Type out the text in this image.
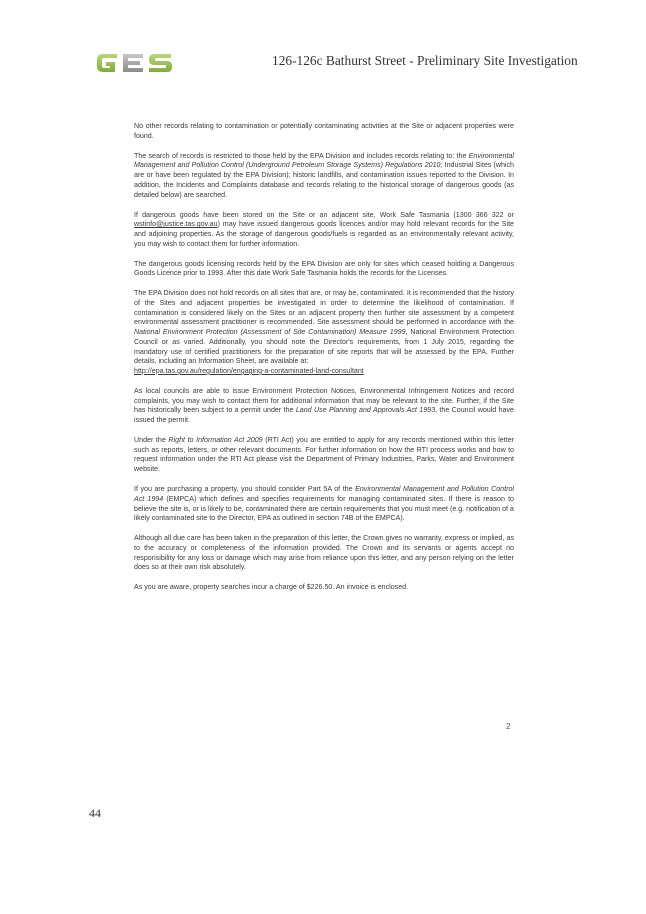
126-126c Bathurst Street - Preliminary Site Investigation

No other records relating to contamination or potentially contaminating activities at the Site or adjacent properties were found.

The search of records is restricted to those held by the EPA Division and includes records relating to: the Environmental Management and Pollution Control (Underground Petroleum Storage Systems) Regulations 2010; Industrial Sites (which are or have been regulated by the EPA Division); historic landfills, and contamination issues reported to the Division. In addition, the Incidents and Complaints database and records relating to the historical storage of dangerous goods (as detailed below) are searched.

If dangerous goods have been stored on the Site or an adjacent site, Work Safe Tasmania (1300 366 322 or wstinfo@justice.tas.gov.au) may have issued dangerous goods licences and/or may hold relevant records for the Site and adjoining properties. As the storage of dangerous goods/fuels is regarded as an environmentally relevant activity, you may wish to contact them for further information.

The dangerous goods licensing records held by the EPA Division are only for sites which ceased holding a Dangerous Goods Licence prior to 1993. After this date Work Safe Tasmania holds the records for the Licenses.

The EPA Division does not hold records on all sites that are, or may be, contaminated. It is recommended that the history of the Sites and adjacent properties be investigated in order to determine the likelihood of contamination. If contamination is considered likely on the Sites or an adjacent property then further site assessment by a competent environmental assessment practitioner is recommended. Site assessment should be performed in accordance with the National Environment Protection (Assessment of Site Contamination) Measure 1999, National Environment Protection Council or as varied. Additionally, you should note the Director's requirements, from 1 July 2015, regarding the mandatory use of certified practitioners for the preparation of site reports that will be assessed by the EPA. Further details, including an Information Sheet, are available at:
http://epa.tas.gov.au/regulation/engaging-a-contaminated-land-consultant

As local councils are able to issue Environment Protection Notices, Environmental Infringement Notices and record complaints, you may wish to contact them for additional information that may be relevant to the site. Further, if the Site has historically been subject to a permit under the Land Use Planning and Approvals Act 1993, the Council would have issued the permit.

Under the Right to Information Act 2009 (RTI Act) you are entitled to apply for any records mentioned within this letter such as reports, letters, or other relevant documents. For further information on how the RTI process works and how to request information under the RTI Act please visit the Department of Primary Industries, Parks, Water and Environment website.

If you are purchasing a property, you should consider Part 5A of the Environmental Management and Pollution Control Act 1994 (EMPCA) which defines and specifies requirements for managing contaminated sites. If there is reason to believe the site is, or is likely to be, contaminated there are certain requirements that you must meet (e.g. notification of a likely contaminated site to the Director, EPA as outlined in section 74B of the EMPCA).

Although all due care has been taken in the preparation of this letter, the Crown gives no warranty, express or implied, as to the accuracy or completeness of the information provided. The Crown and its servants or agents accept no responsibility for any loss or damage which may arise from reliance upon this letter, and any person relying on the letter does so at their own risk absolutely.

As you are aware, property searches incur a charge of $226.50. An invoice is enclosed.

2
44
